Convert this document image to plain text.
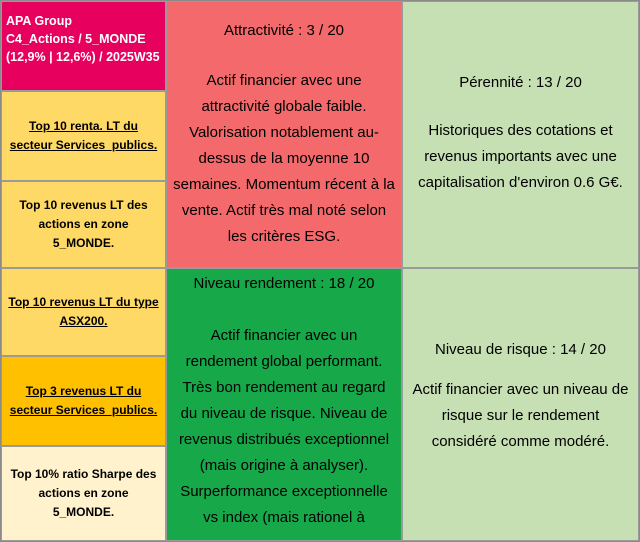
APA Group
C4_Actions / 5_MONDE
(12,9% | 12,6%) / 2025W35
Top 10 renta. LT du secteur Services_publics.
Top 10 revenus LT des actions en zone 5_MONDE.
Top 10 revenus LT du type ASX200.
Top 3 revenus LT du secteur Services_publics.
Top 10% ratio Sharpe des actions en zone 5_MONDE.
Attractivité : 3 / 20
Actif financier avec une attractivité globale faible. Valorisation notablement au-dessus de la moyenne 10 semaines. Momentum récent à la vente. Actif très mal noté selon les critères ESG.
Pérennité : 13 / 20
Historiques des cotations et revenus importants avec une capitalisation d'environ 0.6 G€.
Niveau rendement : 18 / 20
Actif financier avec un rendement global performant. Très bon rendement au regard du niveau de risque. Niveau de revenus distribués exceptionnel (mais origine à analyser). Surperformance exceptionnelle vs index (mais rationel à
Niveau de risque : 14 / 20
Actif financier avec un niveau de risque sur le rendement considéré comme modéré.
